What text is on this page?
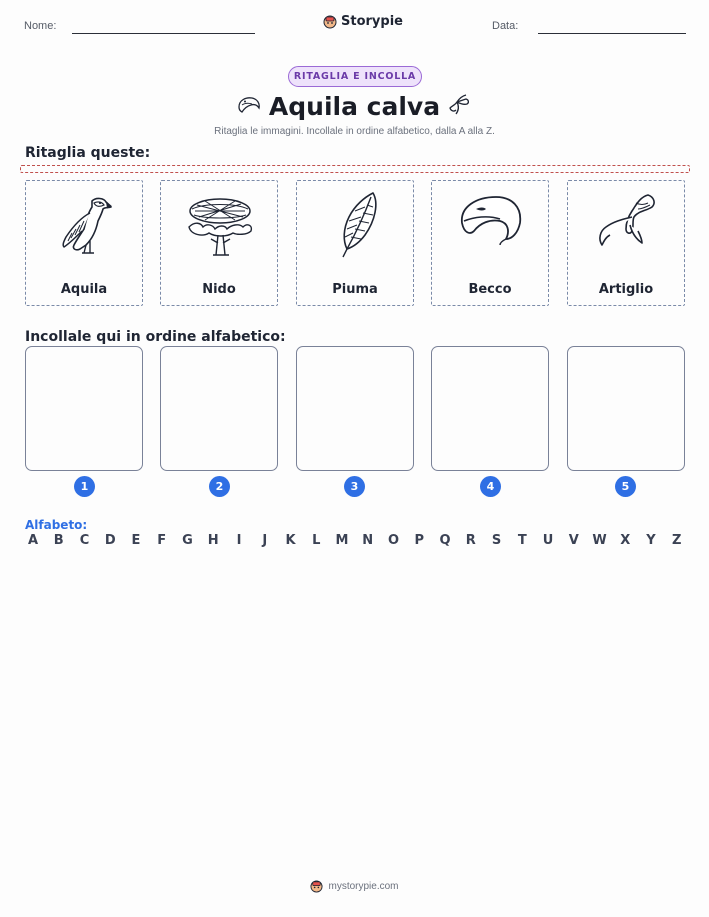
Nome:	Storypie	Data:
RITAGLIA E INCOLLA
Aquila calva
Ritaglia le immagini. Incollale in ordine alfabetico, dalla A alla Z.
Ritaglia queste:
Aquila	Nido	Piuma	Becco	Artiglio
Incollale qui in ordine alfabetico:
1	2	3	4	5
Alfabeto:
A B C D E F G H	I	J	K L M N O P Q R S T U V W X Y Z
mystorypie.com
